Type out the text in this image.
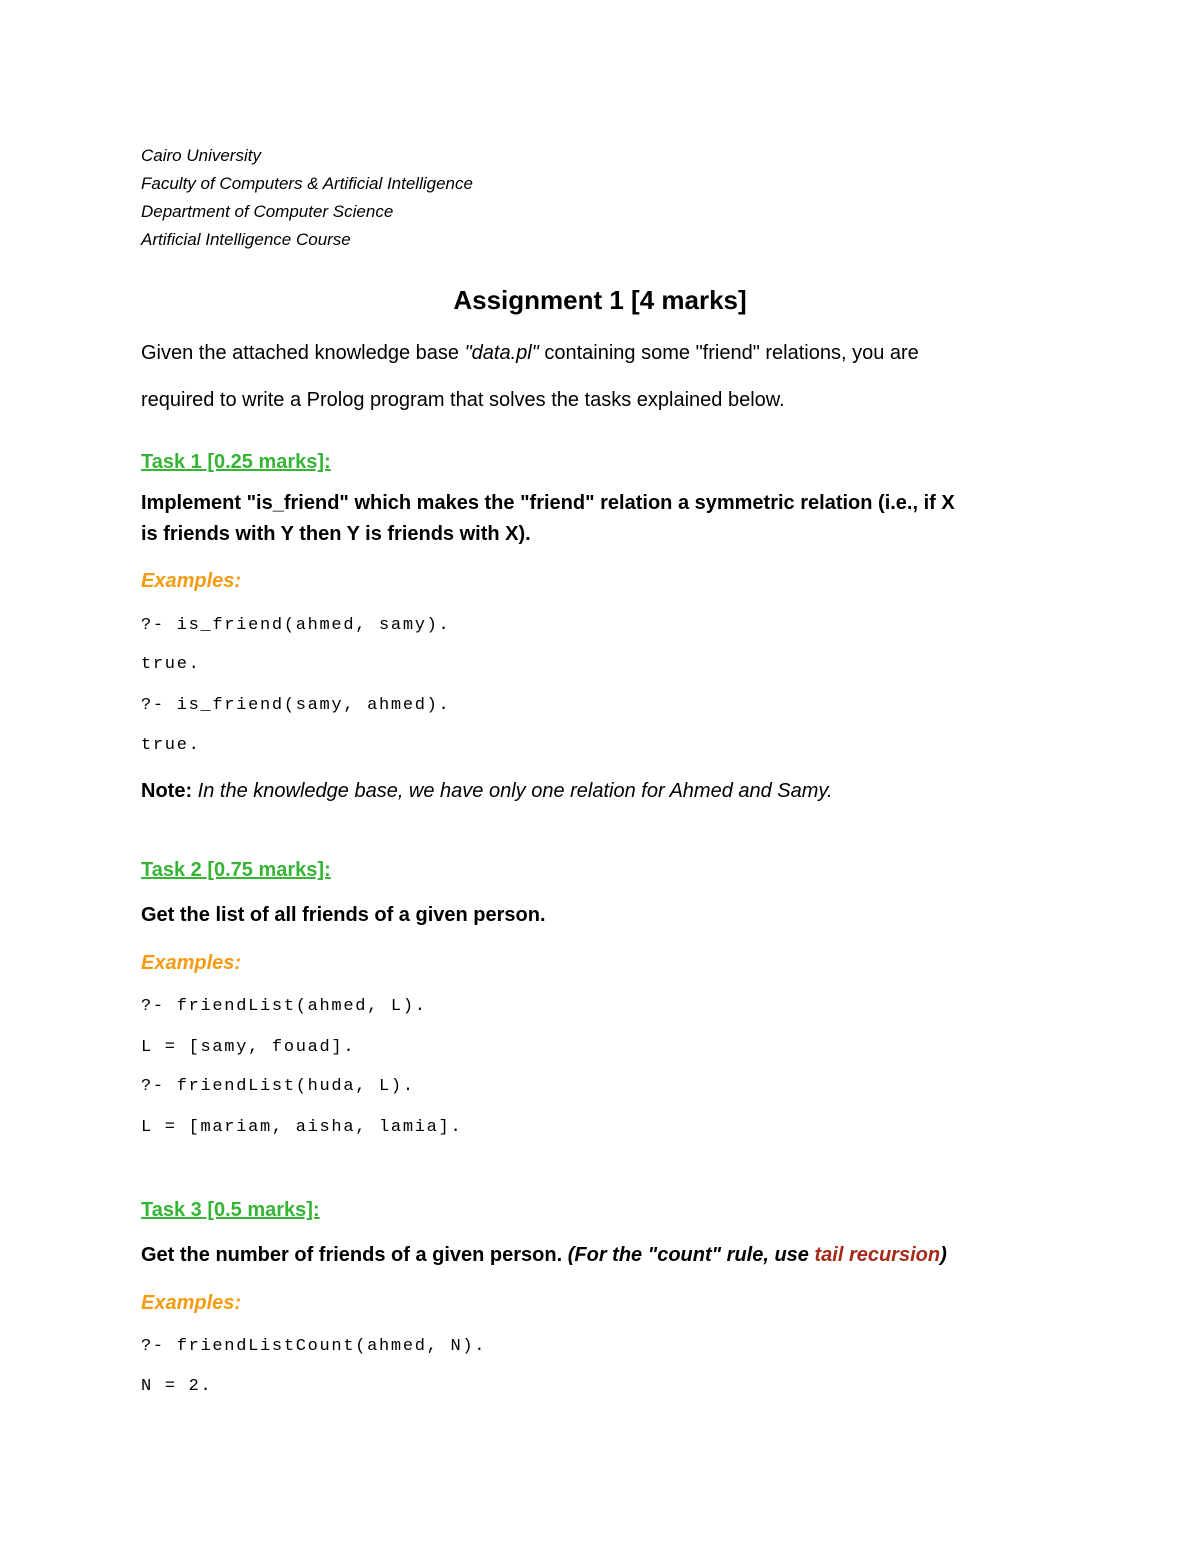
Cairo University
Faculty of Computers & Artificial Intelligence
Department of Computer Science
Artificial Intelligence Course
Assignment 1 [4 marks]
Given the attached knowledge base "data.pl" containing some "friend" relations, you are
required to write a Prolog program that solves the tasks explained below.
Task 1 [0.25 marks]:
Implement "is_friend" which makes the "friend" relation a symmetric relation (i.e., if X
is friends with Y then Y is friends with X).
Examples:
?- is_friend(ahmed, samy).
true.
?- is_friend(samy, ahmed).
true.
Note: In the knowledge base, we have only one relation for Ahmed and Samy.
Task 2 [0.75 marks]:
Get the list of all friends of a given person.
Examples:
?- friendList(ahmed, L).
L = [samy, fouad].
?- friendList(huda, L).
L = [mariam, aisha, lamia].
Task 3 [0.5 marks]:
Get the number of friends of a given person. (For the "count" rule, use tail recursion)
Examples:
?- friendListCount(ahmed, N).
N = 2.
